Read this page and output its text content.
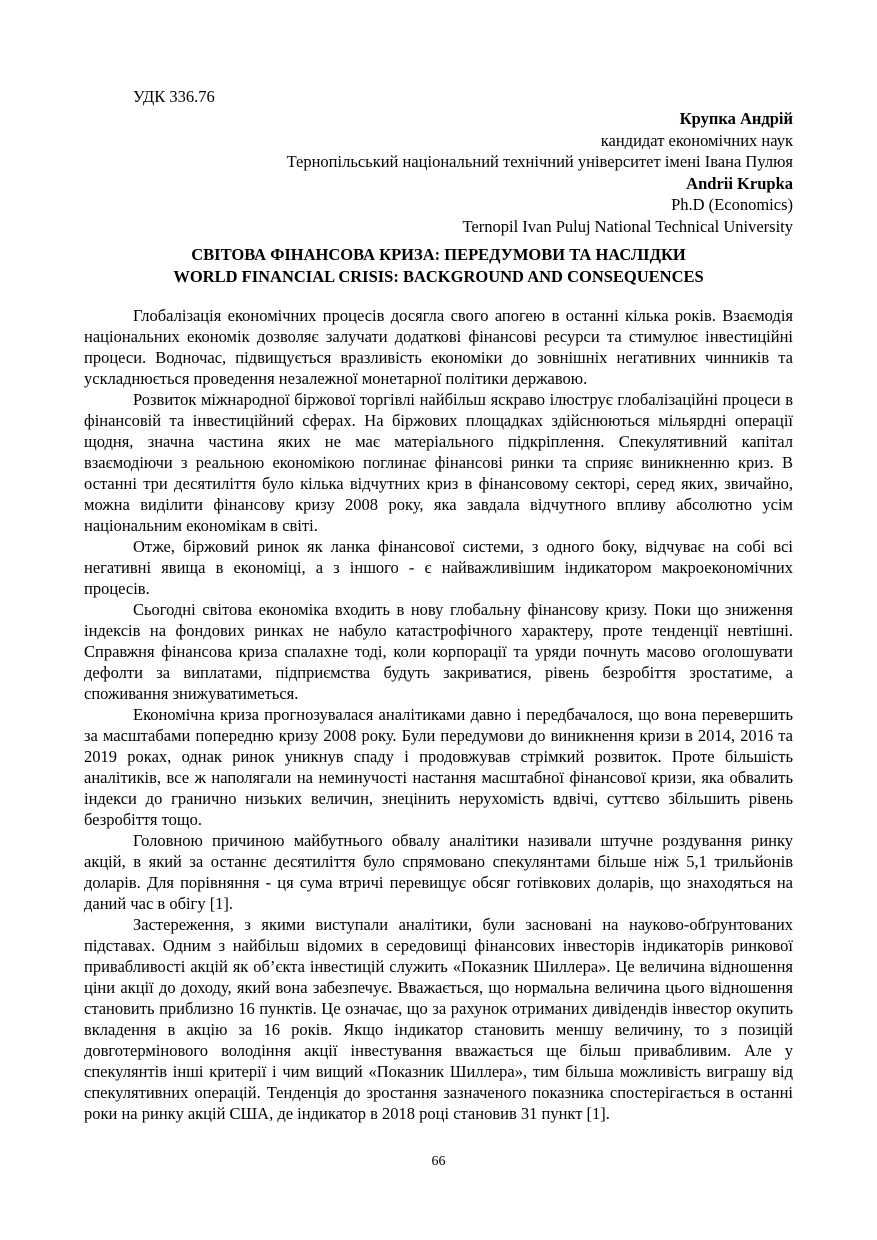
УДК 336.76
Крупка Андрій
кандидат економічних наук
Тернопільський національний технічний університет імені Івана Пулюя
Andrii Krupka
Ph.D (Economics)
Ternopil Ivan Puluj National Technical University
СВІТОВА ФІНАНСОВА КРИЗА: ПЕРЕДУМОВИ ТА НАСЛІДКИ
WORLD FINANCIAL CRISIS: BACKGROUND AND CONSEQUENCES

Глобалізація економічних процесів досягла свого апогею в останні кілька років. Взаємодія національних економік дозволяє залучати додаткові фінансові ресурси та стимулює інвестиційні процеси. Водночас, підвищується вразливість економіки до зовнішніх негативних чинників та ускладнюється проведення незалежної монетарної політики державою.

Розвиток міжнародної біржової торгівлі найбільш яскраво ілюструє глобалізаційні процеси в фінансовій та інвестиційний сферах. На біржових площадках здійснюються мільярдні операції щодня, значна частина яких не має матеріального підкріплення. Спекулятивний капітал взаємодіючи з реальною економікою поглинає фінансові ринки та сприяє виникненню криз. В останні три десятиліття було кілька відчутних криз в фінансовому секторі, серед яких, звичайно, можна виділити фінансову кризу 2008 року, яка завдала відчутного впливу абсолютно усім національним економікам в світі.

Отже, біржовий ринок як ланка фінансової системи, з одного боку, відчуває на собі всі негативні явища в економіці, а з іншого - є найважливішим індикатором макроекономічних процесів.

Сьогодні світова економіка входить в нову глобальну фінансову кризу. Поки що зниження індексів на фондових ринках не набуло катастрофічного характеру, проте тенденції невтішні. Справжня фінансова криза спалахне тоді, коли корпорації та уряди почнуть масово оголошувати дефолти за виплатами, підприємства будуть закриватися, рівень безробіття зростатиме, а споживання знижуватиметься.

Економічна криза прогнозувалася аналітиками давно і передбачалося, що вона перевершить за масштабами попередню кризу 2008 року. Були передумови до виникнення кризи в 2014, 2016 та 2019 роках, однак ринок уникнув спаду і продовжував стрімкий розвиток. Проте більшість аналітиків, все ж наполягали на неминучості настання масштабної фінансової кризи, яка обвалить індекси до гранично низьких величин, знецінить нерухомість вдвічі, суттєво збільшить рівень безробіття тощо.

Головною причиною майбутнього обвалу аналітики називали штучне роздування ринку акцій, в який за останнє десятиліття було спрямовано спекулянтами більше ніж 5,1 трильйонів доларів. Для порівняння - ця сума втричі перевищує обсяг готівкових доларів, що знаходяться на даний час в обігу [1].

Застереження, з якими виступали аналітики, були засновані на науково-обґрунтованих підставах. Одним з найбільш відомих в середовищі фінансових інвесторів індикаторів ринкової привабливості акцій як об’єкта інвестицій служить «Показник Шиллера». Це величина відношення ціни акції до доходу, який вона забезпечує. Вважається, що нормальна величина цього відношення становить приблизно 16 пунктів. Це означає, що за рахунок отриманих дивідендів інвестор окупить вкладення в акцію за 16 років. Якщо індикатор становить меншу величину, то з позицій довготермінового володіння акції інвестування вважається ще більш привабливим. Але у спекулянтів інші критерії і чим вищий «Показник Шиллера», тим більша можливість виграшу від спекулятивних операцій. Тенденція до зростання зазначеного показника спостерігається в останні роки на ринку акцій США, де індикатор в 2018 році становив 31 пункт [1].

66
